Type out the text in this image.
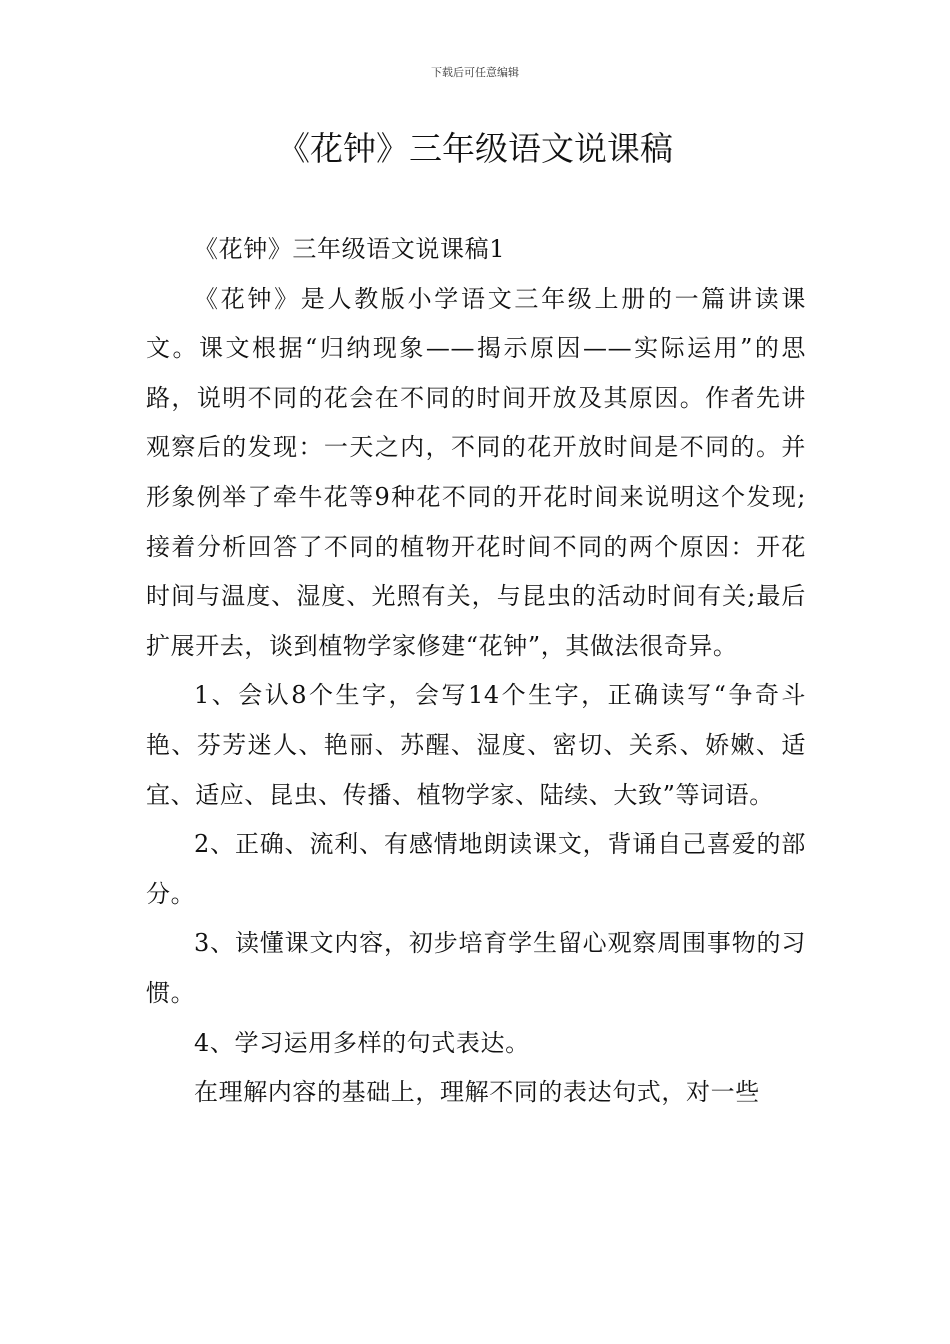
下载后可任意编辑
《花钟》三年级语文说课稿

《花钟》三年级语文说课稿1

《花钟》是人教版小学语文三年级上册的一篇讲读课文。课文根据“归纳现象——揭示原因——实际运用”的思路，说明不同的花会在不同的时间开放及其原因。作者先讲观察后的发现：一天之内，不同的花开放时间是不同的。并形象例举了牵牛花等9种花不同的开花时间来说明这个发现;接着分析回答了不同的植物开花时间不同的两个原因：开花时间与温度、湿度、光照有关，与昆虫的活动时间有关;最后扩展开去，谈到植物学家修建“花钟”，其做法很奇异。

1、会认8个生字，会写14个生字，正确读写“争奇斗艳、芬芳迷人、艳丽、苏醒、湿度、密切、关系、娇嫩、适宜、适应、昆虫、传播、植物学家、陆续、大致”等词语。

2、正确、流利、有感情地朗读课文，背诵自己喜爱的部分。

3、读懂课文内容，初步培育学生留心观察周围事物的习惯。

4、学习运用多样的句式表达。

在理解内容的基础上，理解不同的表达句式，对一些
